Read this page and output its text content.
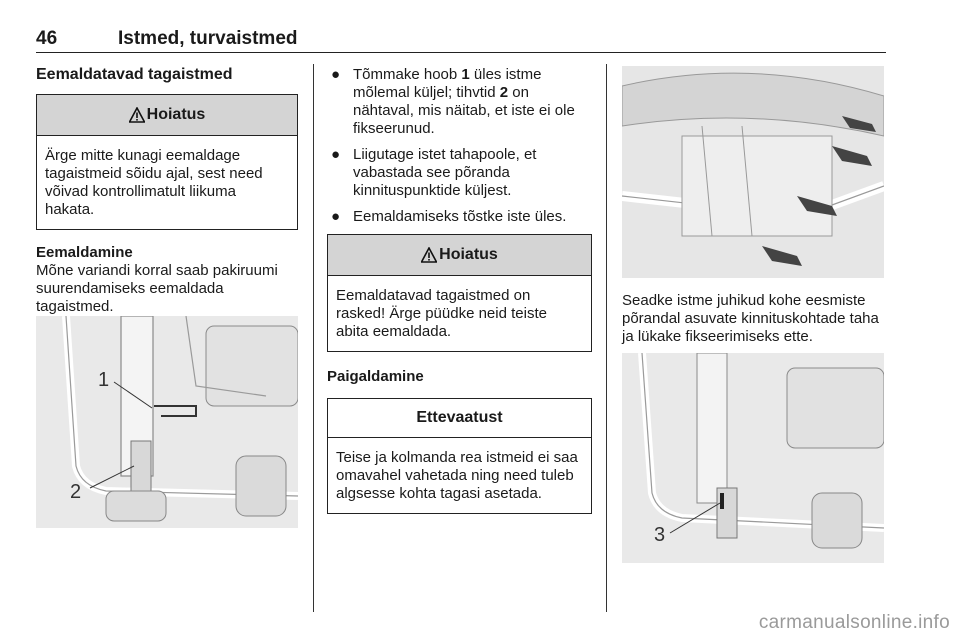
46	Istmed, turvaistmed
Eemaldatavad tagaistmed
Hoiatus
Ärge mitte kunagi eemaldage tagaistmeid sõidu ajal, sest need võivad kontrollimatult liikuma hakata.
Eemaldamine

Mõne variandi korral saab pakiruumi suurendamiseks eemaldada tagaistmed.

1
2
● Tõmmake hoob 1 üles istme mõlemal küljel; tihvtid 2 on nähtaval, mis näitab, et iste ei ole fikseerunud.
● Liigutage istet tahapoole, et vabastada see põranda kinnituspunktide küljest.
● Eemaldamiseks tõstke iste üles.
Hoiatus
Eemaldatavad tagaistmed on rasked! Ärge püüdke neid teiste abita eemaldada.
Paigaldamine
Ettevaatust
Teise ja kolmanda rea istmeid ei saa omavahel vahetada ning need tuleb algsesse kohta tagasi asetada.

Seadke istme juhikud kohe eesmiste põrandal asuvate kinnituskohtade taha ja lükake fikseerimiseks ette.

3
carmanualsonline.info
